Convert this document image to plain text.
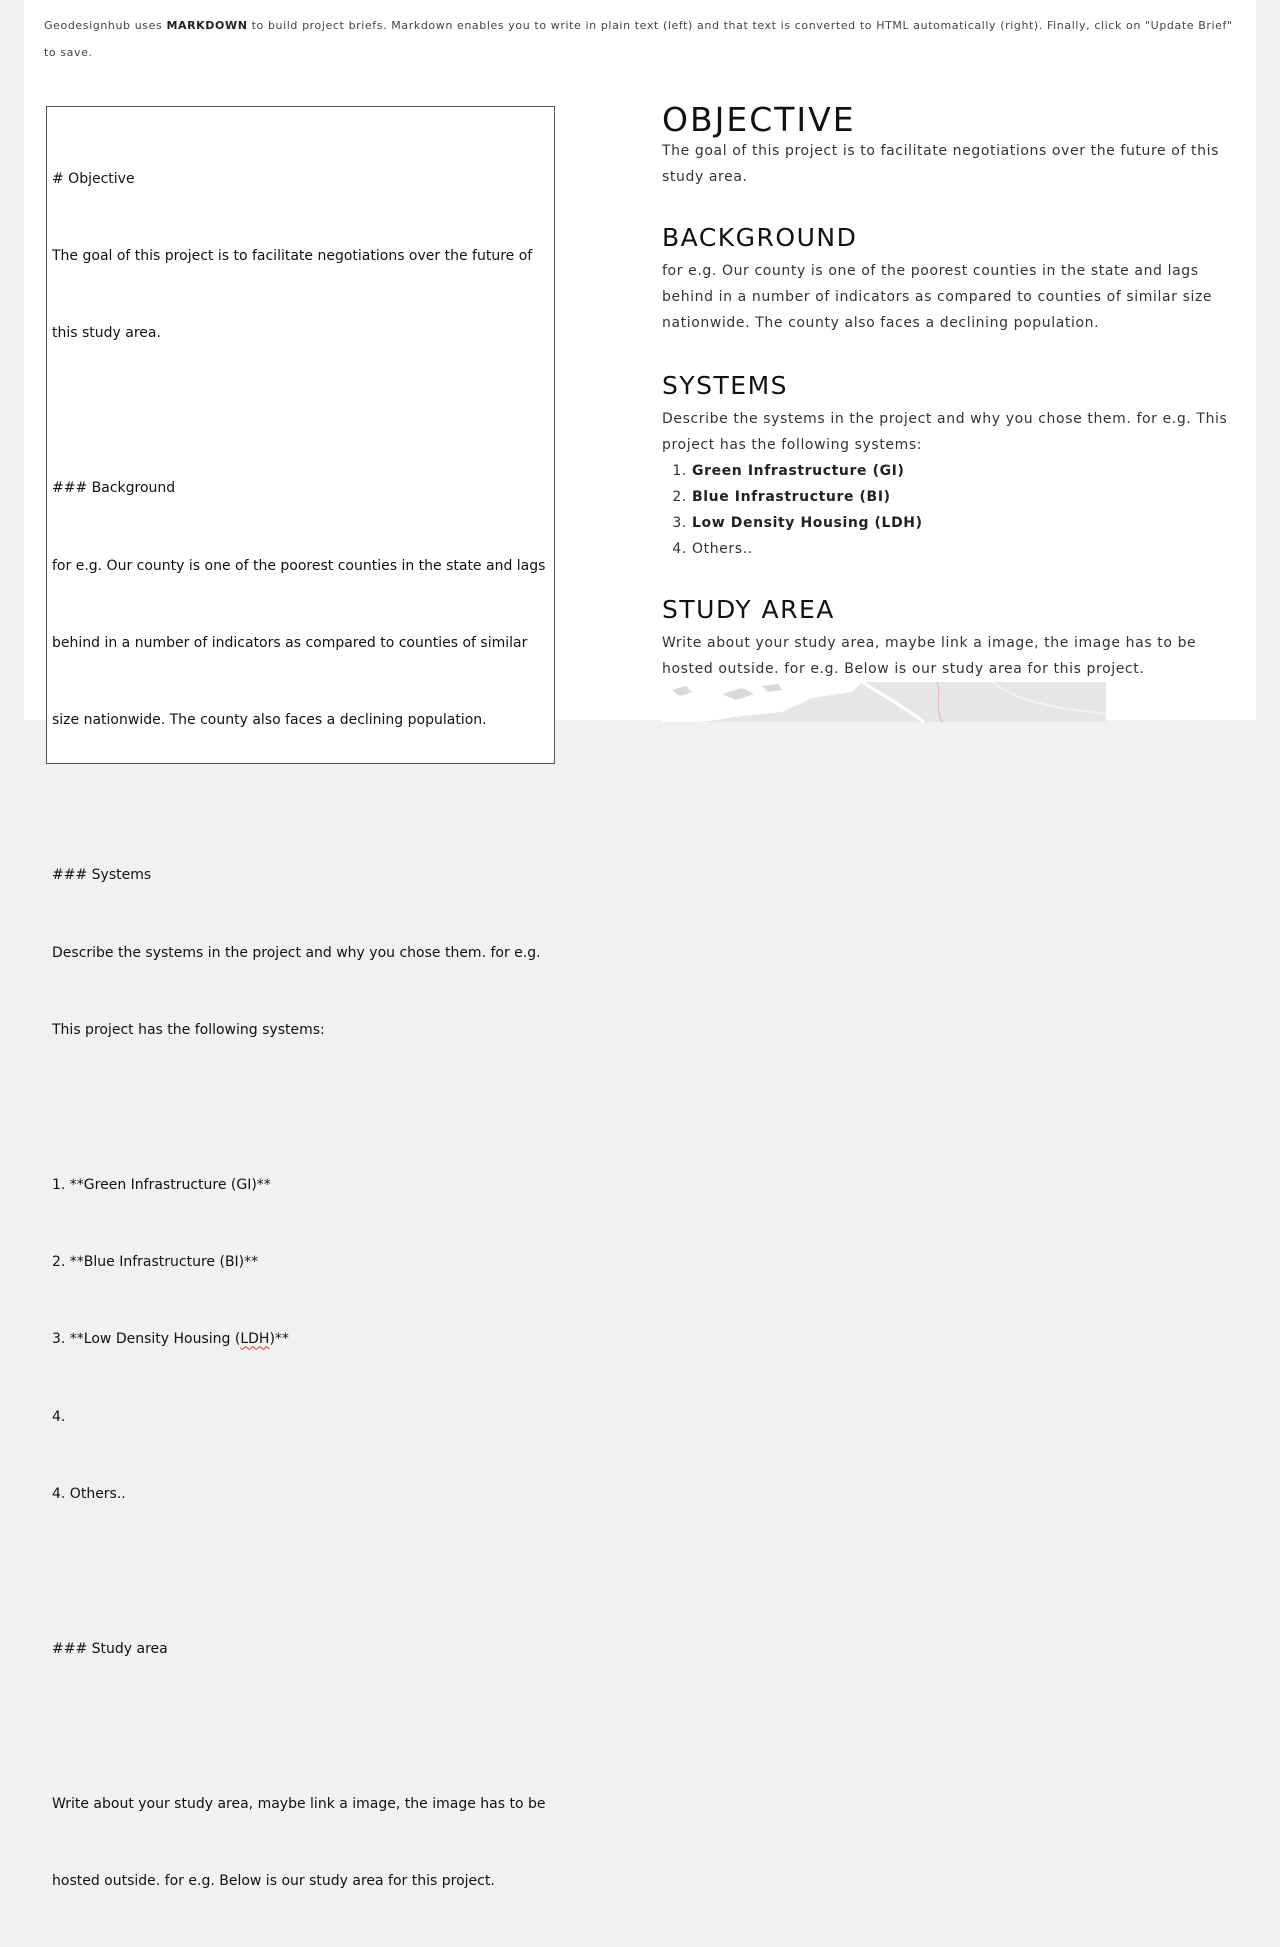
Geodesignhub uses MARKDOWN to build project briefs. Markdown enables you to write in plain text (left) and that text is converted to HTML automatically (right). Finally, click on "Update Brief" to save.

# Objective

The goal of this project is to facilitate negotiations over the future of

this study area.

### Background

for e.g. Our county is one of the poorest counties in the state and lags

behind in a number of indicators as compared to counties of similar

size nationwide. The county also faces a declining population.

### Systems

Describe the systems in the project and why you chose them. for e.g.

This project has the following systems:

1. **Green Infrastructure (GI)**

2. **Blue Infrastructure (BI)**

3. **Low Density Housing (LDH)**

4.

4. Others..

### Study area

Write about your study area, maybe link a image, the image has to be

hosted outside. for e.g. Below is our study area for this project.

OBJECTIVE

The goal of this project is to facilitate negotiations over the future of this study area.

BACKGROUND

for e.g. Our county is one of the poorest counties in the state and lags behind in a number of indicators as compared to counties of similar size nationwide. The county also faces a declining population.

SYSTEMS

Describe the systems in the project and why you chose them. for e.g. This project has the following systems:

1. Green Infrastructure (GI)
2. Blue Infrastructure (BI)
3. Low Density Housing (LDH)
4. Others..
STUDY AREA

Write about your study area, maybe link a image, the image has to be hosted outside. for e.g. Below is our study area for this project.
